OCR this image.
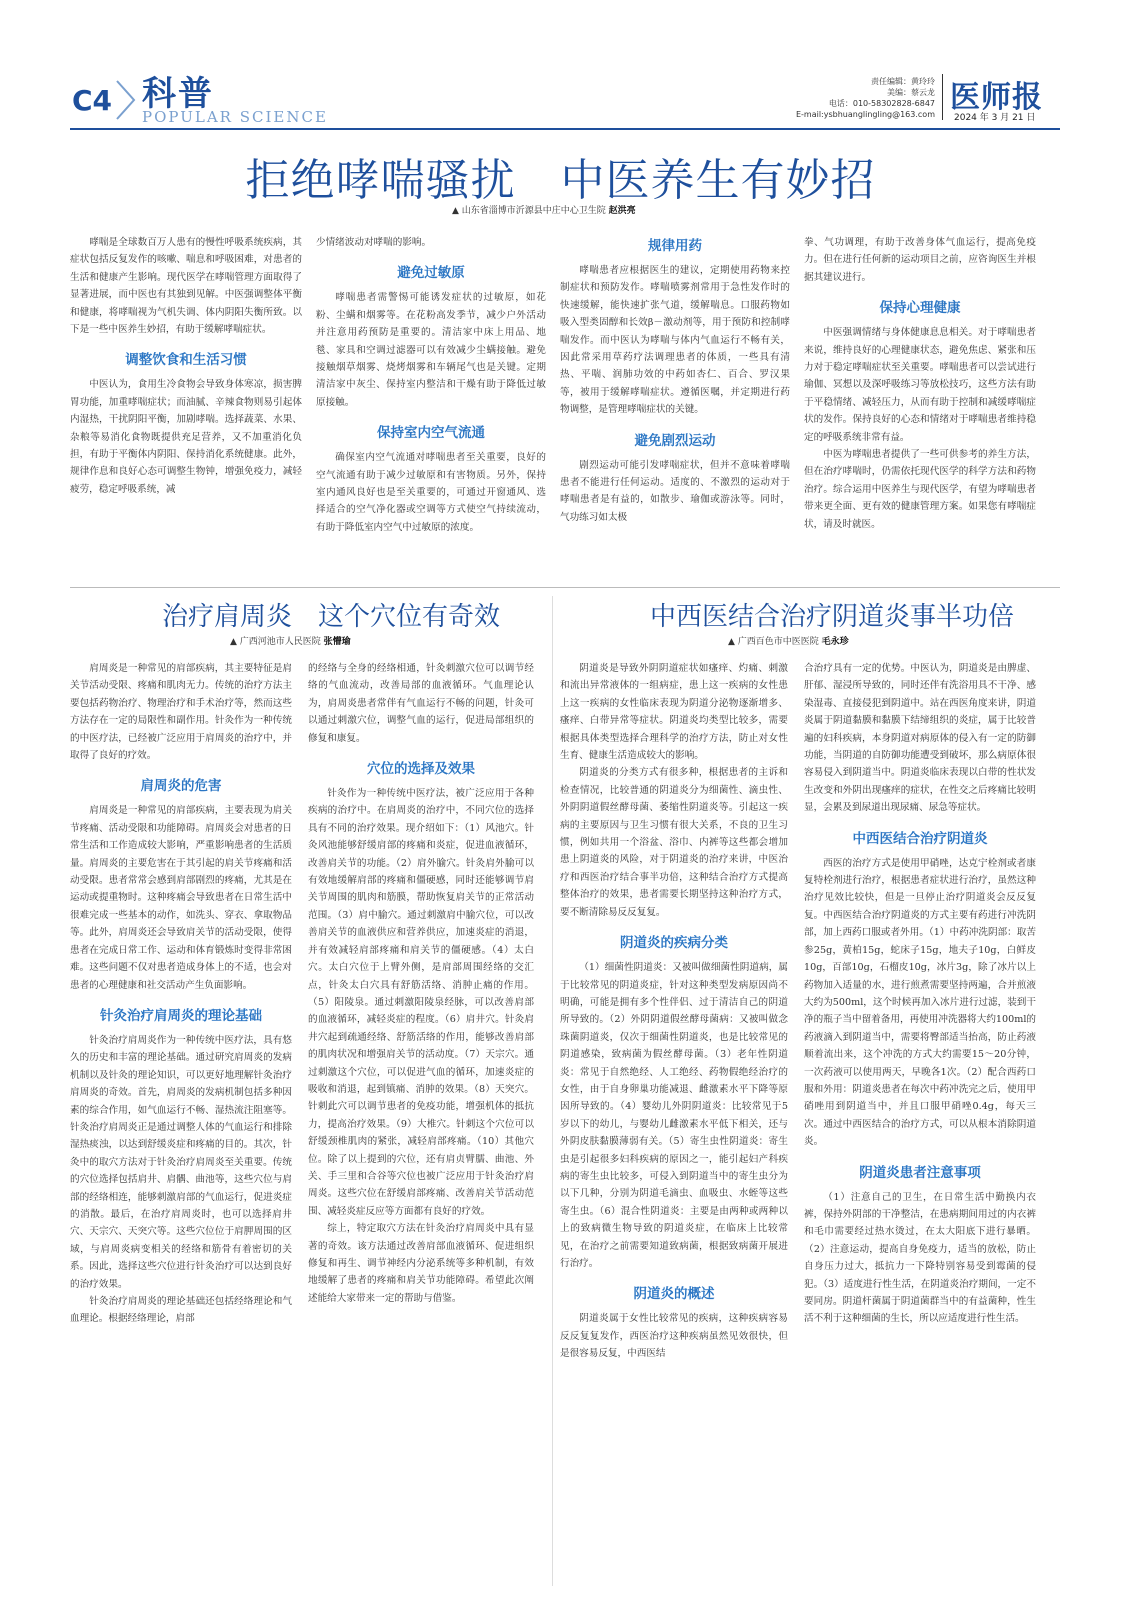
C4 科普
POPULAR SCIENCE
责任编辑：黄玲玲
美编：蔡云龙
电话：010-58302828-6847
E-mail:ysbhuanglingling@163.com 医师报
2024 年 3 月 21 日
拒绝哮喘骚扰　中医养生有妙招
▲ 山东省淄博市沂源县中庄中心卫生院 赵洪亮

哮喘是全球数百万人患有的慢性呼吸系统疾病，其症状包括反复发作的咳嗽、喘息和呼吸困难，对患者的生活和健康产生影响。现代医学在哮喘管理方面取得了显著进展，而中医也有其独到见解。中医强调整体平衡和健康，将哮喘视为气机失调、体内阴阳失衡所致。以下是一些中医养生妙招，有助于缓解哮喘症状。

调整饮食和生活习惯

中医认为，食用生冷食物会导致身体寒凉，损害脾胃功能，加重哮喘症状；而油腻、辛辣食物则易引起体内湿热，干扰阴阳平衡，加剧哮喘。选择蔬菜、水果、杂粮等易消化食物既提供充足营养，又不加重消化负担，有助于平衡体内阴阳、保持消化系统健康。此外，规律作息和良好心态可调整生物钟，增强免疫力，减轻疲劳，稳定呼吸系统，减

少情绪波动对哮喘的影响。

避免过敏原

哮喘患者需警惕可能诱发症状的过敏原，如花粉、尘螨和烟雾等。在花粉高发季节，减少户外活动并注意用药预防是重要的。清洁家中床上用品、地毯、家具和空调过滤器可以有效减少尘螨接触。避免接触烟草烟雾、烧烤烟雾和车辆尾气也是关键。定期清洁家中灰尘、保持室内整洁和干燥有助于降低过敏原接触。

保持室内空气流通

确保室内空气流通对哮喘患者至关重要，良好的空气流通有助于减少过敏原和有害物质。另外，保持室内通风良好也是至关重要的，可通过开窗通风、选择适合的空气净化器或空调等方式使空气持续流动，有助于降低室内空气中过敏原的浓度。

规律用药

哮喘患者应根据医生的建议，定期使用药物来控制症状和预防发作。哮喘喷雾剂常用于急性发作时的快速缓解，能快速扩张气道，缓解喘息。口服药物如吸入型类固醇和长效β－激动剂等，用于预防和控制哮喘发作。而中医认为哮喘与体内气血运行不畅有关，因此常采用草药疗法调理患者的体质，一些具有清热、平喘、润肺功效的中药如杏仁、百合、罗汉果等，被用于缓解哮喘症状。遵循医嘱，并定期进行药物调整，是管理哮喘症状的关键。

避免剧烈运动

剧烈运动可能引发哮喘症状，但并不意味着哮喘患者不能进行任何运动。适度的、不激烈的运动对于哮喘患者是有益的，如散步、瑜伽或游泳等。同时，气功练习如太极

拳、气功调理，有助于改善身体气血运行，提高免疫力。但在进行任何新的运动项目之前，应咨询医生并根据其建议进行。

保持心理健康

中医强调情绪与身体健康息息相关。对于哮喘患者来说，维持良好的心理健康状态，避免焦虑、紧张和压力对于稳定哮喘症状至关重要。哮喘患者可以尝试进行瑜伽、冥想以及深呼吸练习等放松技巧，这些方法有助于平稳情绪、减轻压力，从而有助于控制和减缓哮喘症状的发作。保持良好的心态和情绪对于哮喘患者维持稳定的呼吸系统非常有益。

中医为哮喘患者提供了一些可供参考的养生方法，但在治疗哮喘时，仍需依托现代医学的科学方法和药物治疗。综合运用中医养生与现代医学，有望为哮喘患者带来更全面、更有效的健康管理方案。如果您有哮喘症状，请及时就医。

治疗肩周炎　这个穴位有奇效
▲ 广西河池市人民医院 张懵瑜

肩周炎是一种常见的肩部疾病，其主要特征是肩关节活动受限、疼痛和肌肉无力。传统的治疗方法主要包括药物治疗、物理治疗和手术治疗等，然而这些方法存在一定的局限性和副作用。针灸作为一种传统的中医疗法，已经被广泛应用于肩周炎的治疗中，并取得了良好的疗效。

肩周炎的危害

肩周炎是一种常见的肩部疾病，主要表现为肩关节疼痛、活动受限和功能障碍。肩周炎会对患者的日常生活和工作造成较大影响，严重影响患者的生活质量。肩周炎的主要危害在于其引起的肩关节疼痛和活动受限。患者常常会感到肩部剧烈的疼痛，尤其是在运动或提重物时。这种疼痛会导致患者在日常生活中很难完成一些基本的动作，如洗头、穿衣、拿取物品等。此外，肩周炎还会导致肩关节的活动受限，使得患者在完成日常工作、运动和体育锻炼时变得非常困难。这些问题不仅对患者造成身体上的不适，也会对患者的心理健康和社交活动产生负面影响。

针灸治疗肩周炎的理论基础

针灸治疗肩周炎作为一种传统中医疗法，具有悠久的历史和丰富的理论基础。通过研究肩周炎的发病机制以及针灸的理论知识，可以更好地理解针灸治疗肩周炎的奇效。首先，肩周炎的发病机制包括多种因素的综合作用，如气血运行不畅、湿热流注阻塞等。针灸治疗肩周炎正是通过调整人体的气血运行和排除湿热痰浊，以达到舒缓炎症和疼痛的目的。其次，针灸中的取穴方法对于针灸治疗肩周炎至关重要。传统的穴位选择包括肩井、肩髃、曲池等，这些穴位与肩部的经络相连，能够刺激肩部的气血运行，促进炎症的消散。最后，在治疗肩周炎时，也可以选择肩井穴、天宗穴、天突穴等。这些穴位位于肩胛周围的区域，与肩周炎病变相关的经络和筋骨有着密切的关系。因此，选择这些穴位进行针灸治疗可以达到良好的治疗效果。

针灸治疗肩周炎的理论基础还包括经络理论和气血理论。根据经络理论，肩部

的经络与全身的经络相通，针灸刺激穴位可以调节经络的气血流动，改善局部的血液循环。气血理论认为，肩周炎患者常伴有气血运行不畅的问题，针灸可以通过刺激穴位，调整气血的运行，促进局部组织的修复和康复。

穴位的选择及效果

针灸作为一种传统中医疗法，被广泛应用于各种疾病的治疗中。在肩周炎的治疗中，不同穴位的选择具有不同的治疗效果。现介绍如下：（1）风池穴。针灸风池能够舒缓肩部的疼痛和炎症，促进血液循环，改善肩关节的功能。（2）肩外腧穴。针灸肩外腧可以有效地缓解肩部的疼痛和僵硬感，同时还能够调节肩关节周围的肌肉和筋膜，帮助恢复肩关节的正常活动范围。（3）肩中腧穴。通过刺激肩中腧穴位，可以改善肩关节的血液供应和营养供应，加速炎症的消退，并有效减轻肩部疼痛和肩关节的僵硬感。（4）太白穴。太白穴位于上臂外侧，是肩部周围经络的交汇点，针灸太白穴具有舒筋活络、消肿止痛的作用。（5）阳陵泉。通过刺激阳陵泉经脉，可以改善肩部的血液循环，减轻炎症的程度。（6）肩井穴。针灸肩井穴起到疏通经络、舒筋活络的作用，能够改善肩部的肌肉状况和增强肩关节的活动度。（7）天宗穴。通过刺激这个穴位，可以促进气血的循环，加速炎症的吸收和消退，起到镇痛、消肿的效果。（8）天突穴。针刺此穴可以调节患者的免疫功能，增强机体的抵抗力，提高治疗效果。（9）大椎穴。针刺这个穴位可以舒缓颈椎肌肉的紧张，减轻肩部疼痛。（10）其他穴位。除了以上提到的穴位，还有肩贞臂臑、曲池、外关、手三里和合谷等穴位也被广泛应用于针灸治疗肩周炎。这些穴位在舒缓肩部疼痛、改善肩关节活动范围、减轻炎症反应等方面都有良好的疗效。

综上，特定取穴方法在针灸治疗肩周炎中具有显著的奇效。该方法通过改善肩部血液循环、促进组织修复和再生、调节神经内分泌系统等多种机制，有效地缓解了患者的疼痛和肩关节功能障碍。希望此次阐述能给大家带来一定的帮助与借鉴。

中西医结合治疗阴道炎事半功倍
▲ 广西百色市中医医院 毛永珍

阴道炎是导致外阴阴道症状如瘙痒、灼痛、刺激和流出异常液体的一组病症，患上这一疾病的女性患上这一疾病的女性临床表现为阴道分泌物逐渐增多、瘙痒、白带异常等症状。阴道炎均类型比较多，需要根据具体类型选择合理科学的治疗方法，防止对女性生育、健康生活造成较大的影响。

阴道炎的分类方式有很多种，根据患者的主诉和检查情况，比较普通的阴道炎分为细菌性、滴虫性、外阴阴道假丝酵母菌、萎缩性阴道炎等。引起这一疾病的主要原因与卫生习惯有很大关系，不良的卫生习惯，例如共用一个浴盆、浴巾、内裤等这些都会增加患上阴道炎的风险，对于阴道炎的治疗来讲，中医治疗和西医治疗结合事半功倍，这种结合治疗方式提高整体治疗的效果，患者需要长期坚持这种治疗方式，要不断清除易反反复复。

阴道炎的疾病分类

（1）细菌性阴道炎：又被叫做细菌性阴道病，属于比较常见的阴道炎症，针对这种类型发病原因尚不明确，可能是拥有多个性伴侣、过于清洁自己的阴道所导致的。（2）外阴阴道假丝酵母菌病：又被叫做念珠菌阴道炎，仅次于细菌性阴道炎，也是比较常见的阴道感染，致病菌为假丝酵母菌。（3）老年性阴道炎：常见于自然绝经、人工绝经、药物假绝经治疗的女性，由于自身卵巢功能减退、雌激素水平下降等原因所导致的。（4）婴幼儿外阴阴道炎：比较常见于5岁以下的幼儿，与婴幼儿雌激素水平低下相关，还与外阴皮肤黏膜薄弱有关。（5）寄生虫性阴道炎：寄生虫是引起很多妇科疾病的原因之一，能引起妇产科疾病的寄生虫比较多，可侵入到阴道当中的寄生虫分为以下几种，分别为阴道毛滴虫、血吸虫、水蛭等这些寄生虫。（6）混合性阴道炎：主要是由两种或两种以上的致病微生物导致的阴道炎症，在临床上比较常见，在治疗之前需要知道致病菌，根据致病菌开展进行治疗。

阴道炎的概述

阴道炎属于女性比较常见的疾病，这种疾病容易反反复复发作，西医治疗这种疾病虽然见效很快，但是很容易反复，中西医结

合治疗具有一定的优势。中医认为，阴道炎是由脾虚、肝郁、湿浸所导致的，同时还伴有洗浴用具不干净、感染湿毒、直接侵犯到阴道中。站在西医角度来讲，阴道炎属于阴道黏膜和黏膜下结缔组织的炎症，属于比较普遍的妇科疾病，本身阴道对病原体的侵入有一定的防御功能，当阴道的自防御功能遭受到破坏，那么病原体很容易侵入到阴道当中。阴道炎临床表现以白带的性状发生改变和外阴出现瘙痒的症状，在性交之后疼痛比较明显，会累及到尿道出现尿痛、尿急等症状。

中西医结合治疗阴道炎

西医的治疗方式是使用甲硝唑，达克宁栓剂或者康复特栓剂进行治疗，根据患者症状进行治疗，虽然这种治疗见效比较快，但是一旦停止治疗阴道炎会反反复复。中西医结合治疗阴道炎的方式主要有药进行冲洗阴部，加上西药口服或者外用。（1）中药冲洗阴部：取苦参25g，黄柏15g，蛇床子15g，地夫子10g，白鲜皮10g，百部10g，石榴皮10g，冰片3g，除了冰片以上药物加入适量的水，进行煎煮需要坚持两遍，合并煎液大约为500ml，这个时候再加入冰片进行过滤，装到干净的瓶子当中留着备用，再使用冲洗器将大约100ml的药液滴入到阴道当中，需要将臀部适当抬高，防止药液顺着流出来，这个冲洗的方式大约需要15～20分钟，一次药液可以使用两天，早晚各1次。（2）配合西药口服和外用：阴道炎患者在每次中药冲洗完之后，使用甲硝唑用到阴道当中，并且口服甲硝唑0.4g，每天三次。通过中西医结合的治疗方式，可以从根本消除阴道炎。

阴道炎患者注意事项

（1）注意自己的卫生，在日常生活中勤换内衣裤，保持外阴部的干净整洁，在患病期间用过的内衣裤和毛巾需要经过热水烫过，在太大阳底下进行暴晒。（2）注意运动，提高自身免疫力，适当的放松，防止自身压力过大，抵抗力一下降特别容易受到霉菌的侵犯。（3）适度进行性生活，在阴道炎治疗期间，一定不要同房。阴道杆菌属于阴道菌群当中的有益菌种，性生活不利于这种细菌的生长，所以应适度进行性生活。
